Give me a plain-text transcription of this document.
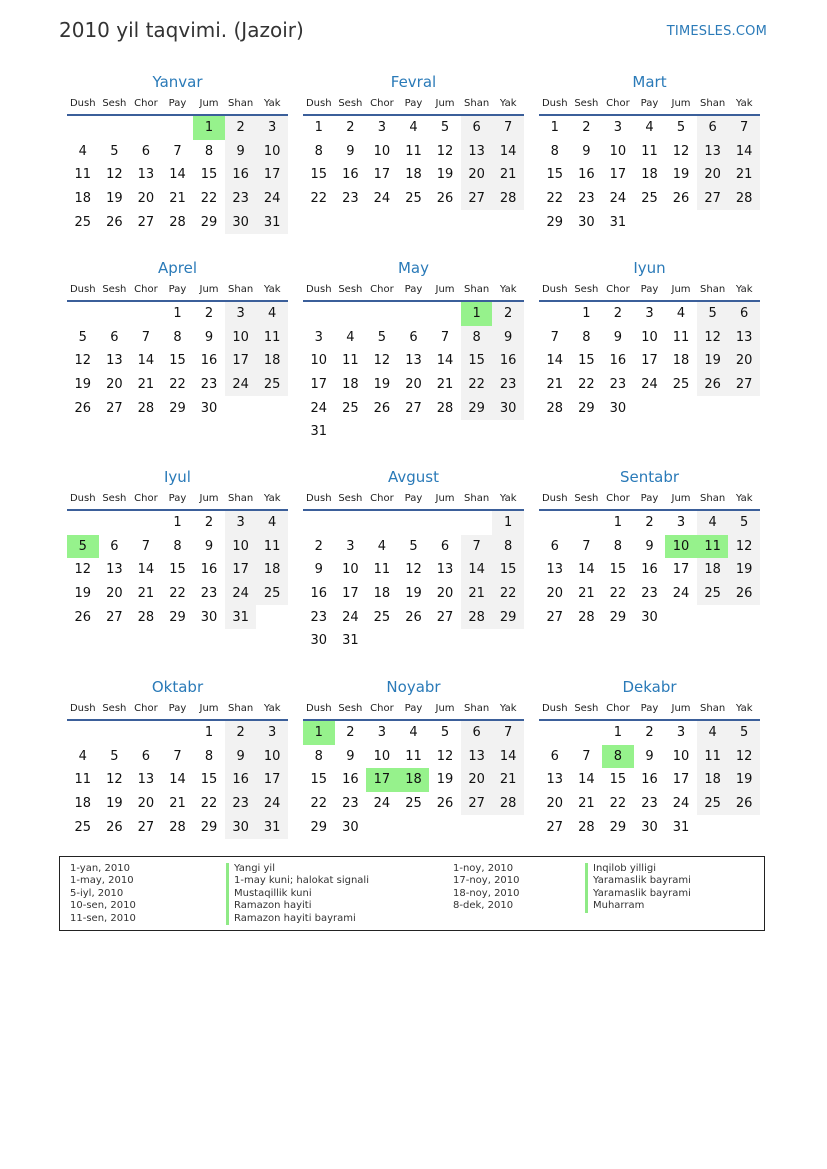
2010 yil taqvimi. (Jazoir)	TIMESLES.COM
Yanvar
Dush	Sesh	Chor	Pay	Jum	Shan	Yak
				1	2	3
4	5	6	7	8	9	10
11	12	13	14	15	16	17
18	19	20	21	22	23	24
25	26	27	28	29	30	31
Fevral
Dush	Sesh	Chor	Pay	Jum	Shan	Yak
1	2	3	4	5	6	7
8	9	10	11	12	13	14
15	16	17	18	19	20	21
22	23	24	25	26	27	28
Mart
Dush	Sesh	Chor	Pay	Jum	Shan	Yak
1	2	3	4	5	6	7
8	9	10	11	12	13	14
15	16	17	18	19	20	21
22	23	24	25	26	27	28
29	30	31				
Aprel
Dush	Sesh	Chor	Pay	Jum	Shan	Yak
			1	2	3	4
5	6	7	8	9	10	11
12	13	14	15	16	17	18
19	20	21	22	23	24	25
26	27	28	29	30		
May
Dush	Sesh	Chor	Pay	Jum	Shan	Yak
					1	2
3	4	5	6	7	8	9
10	11	12	13	14	15	16
17	18	19	20	21	22	23
24	25	26	27	28	29	30
31						
Iyun
Dush	Sesh	Chor	Pay	Jum	Shan	Yak
	1	2	3	4	5	6
7	8	9	10	11	12	13
14	15	16	17	18	19	20
21	22	23	24	25	26	27
28	29	30				
Iyul
Dush	Sesh	Chor	Pay	Jum	Shan	Yak
			1	2	3	4
5	6	7	8	9	10	11
12	13	14	15	16	17	18
19	20	21	22	23	24	25
26	27	28	29	30	31	
Avgust
Dush	Sesh	Chor	Pay	Jum	Shan	Yak
						1
2	3	4	5	6	7	8
9	10	11	12	13	14	15
16	17	18	19	20	21	22
23	24	25	26	27	28	29
30	31					
Sentabr
Dush	Sesh	Chor	Pay	Jum	Shan	Yak
		1	2	3	4	5
6	7	8	9	10	11	12
13	14	15	16	17	18	19
20	21	22	23	24	25	26
27	28	29	30			
Oktabr
Dush	Sesh	Chor	Pay	Jum	Shan	Yak
				1	2	3
4	5	6	7	8	9	10
11	12	13	14	15	16	17
18	19	20	21	22	23	24
25	26	27	28	29	30	31
Noyabr
Dush	Sesh	Chor	Pay	Jum	Shan	Yak
1	2	3	4	5	6	7
8	9	10	11	12	13	14
15	16	17	18	19	20	21
22	23	24	25	26	27	28
29	30					
Dekabr
Dush	Sesh	Chor	Pay	Jum	Shan	Yak
		1	2	3	4	5
6	7	8	9	10	11	12
13	14	15	16	17	18	19
20	21	22	23	24	25	26
27	28	29	30	31		
1-yan, 2010
1-may, 2010
5-iyl, 2010
10-sen, 2010
11-sen, 2010
Yangi yil
1-may kuni; halokat signali
Mustaqillik kuni
Ramazon hayiti
Ramazon hayiti bayrami
1-noy, 2010
17-noy, 2010
18-noy, 2010
8-dek, 2010
Inqilob yilligi
Yaramaslik bayrami
Yaramaslik bayrami
Muharram
